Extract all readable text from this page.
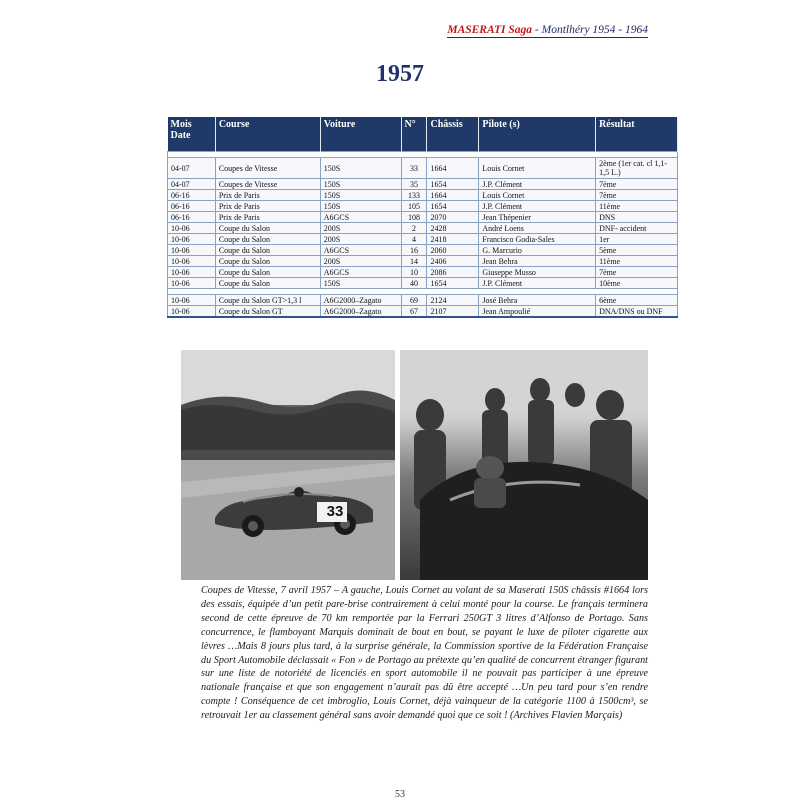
MASERATI Saga - Montlhéry 1954 - 1964
1957
Mois Date	Course	Voiture	N°	Châssis	Pilote (s)	Résultat

04-07	Coupes de Vitesse	150S	33	1664	Louis Cornet	2ème (1er cat. cl 1,1-1,5 L.)
04-07	Coupes de Vitesse	150S	35	1654	J.P. Clément	7ème
06-16	Prix de Paris	150S	133	1664	Louis Cornet	7ème
06-16	Prix de Paris	150S	105	1654	J.P. Clément	11ème
06-16	Prix de Paris	A6GCS	108	2070	Jean Thépenier	DNS
10-06	Coupe du Salon	200S	2	2428	André Loens	DNF- accident
10-06	Coupe du Salon	200S	4	2418	Francisco Godia-Sales	1er
10-06	Coupe du Salon	A6GCS	16	2060	G. Marcurio	5ème
10-06	Coupe du Salon	200S	14	2406	Jean Behra	11ème
10-06	Coupe du Salon	A6GCS	10	2086	Giuseppe Musso	7ème
10-06	Coupe du Salon	150S	40	1654	J.P. Clément	10ème

10-06	Coupe du Salon GT>1,3 l	A6G2000–Zagato	69	2124	José Behra	6ème
10-06	Coupe du Salon GT	A6G2000–Zagato	67	2107	Jean Ampoulié	DNA/DNS ou DNF
33
Coupes de Vitesse, 7 avril 1957 – A gauche, Louis Cornet au volant de sa Maserati 150S châssis #1664 lors des essais, équipée d’un petit pare-brise contrairement à celui monté pour la course. Le français terminera second de cette épreuve de 70 km remportée par la Ferrari 250GT 3 litres d’Alfonso de Portago. Sans concurrence, le flamboyant Marquis dominait de bout en bout, se payant le luxe de piloter cigarette aux lèvres …Mais 8 jours plus tard, à la surprise générale, la Commission sportive de la Fédération Française du Sport Automobile déclassait « Fon » de Portago au prétexte qu’en qualité de concurrent étranger figurant sur une liste de notoriété de licenciés en sport automobile il ne pouvait pas participer à une épreuve nationale française et que son engagement n’aurait pas dû être accepté …Un peu tard pour s’en rendre compte ! Conséquence de cet imbroglio, Louis Cornet, déjà vainqueur de la catégorie 1100 à 1500cm³, se retrouvait 1er au classement général sans avoir demandé quoi que ce soit ! (Archives Flavien Marçais)
53
